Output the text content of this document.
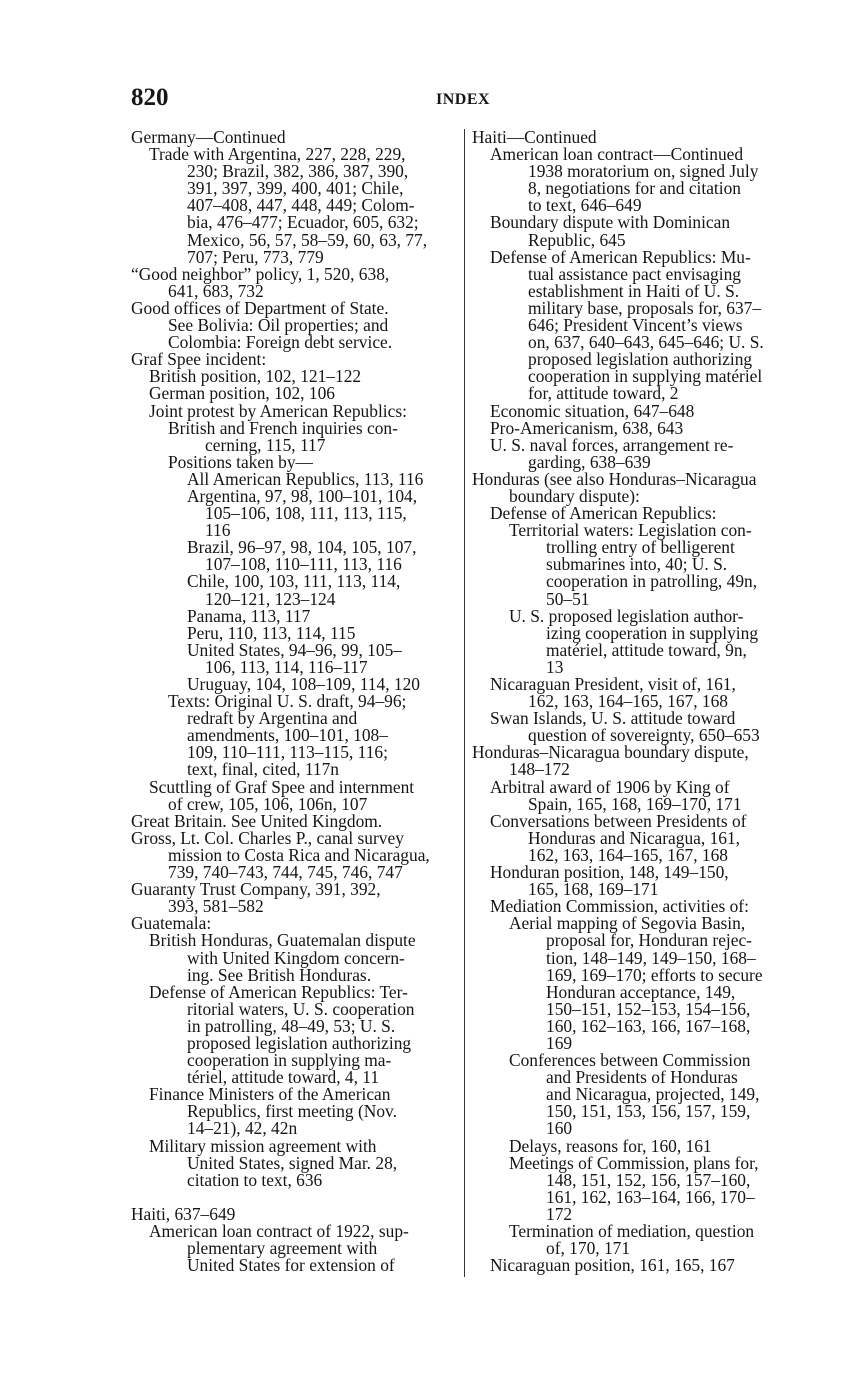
820	INDEX
Germany—Continued
Trade with Argentina, 227, 228, 229,
230; Brazil, 382, 386, 387, 390,
391, 397, 399, 400, 401; Chile,
407–408, 447, 448, 449; Colom-
bia, 476–477; Ecuador, 605, 632;
Mexico, 56, 57, 58–59, 60, 63, 77,
707; Peru, 773, 779
“Good neighbor” policy, 1, 520, 638,
641, 683, 732
Good offices of Department of State.
See Bolivia: Oil properties; and
Colombia: Foreign debt service.
Graf Spee incident:
British position, 102, 121–122
German position, 102, 106
Joint protest by American Republics:
British and French inquiries con-
cerning, 115, 117
Positions taken by—
All American Republics, 113, 116
Argentina, 97, 98, 100–101, 104,
105–106, 108, 111, 113, 115,
116
Brazil, 96–97, 98, 104, 105, 107,
107–108, 110–111, 113, 116
Chile, 100, 103, 111, 113, 114,
120–121, 123–124
Panama, 113, 117
Peru, 110, 113, 114, 115
United States, 94–96, 99, 105–
106, 113, 114, 116–117
Uruguay, 104, 108–109, 114, 120
Texts: Original U. S. draft, 94–96;
redraft by Argentina and
amendments, 100–101, 108–
109, 110–111, 113–115, 116;
text, final, cited, 117n
Scuttling of Graf Spee and internment
of crew, 105, 106, 106n, 107
Great Britain. See United Kingdom.
Gross, Lt. Col. Charles P., canal survey
mission to Costa Rica and Nicaragua,
739, 740–743, 744, 745, 746, 747
Guaranty Trust Company, 391, 392,
393, 581–582
Guatemala:
British Honduras, Guatemalan dispute
with United Kingdom concern-
ing. See British Honduras.
Defense of American Republics: Ter-
ritorial waters, U. S. cooperation
in patrolling, 48–49, 53; U. S.
proposed legislation authorizing
cooperation in supplying ma-
tériel, attitude toward, 4, 11
Finance Ministers of the American
Republics, first meeting (Nov.
14–21), 42, 42n
Military mission agreement with
United States, signed Mar. 28,
citation to text, 636
Haiti, 637–649
American loan contract of 1922, sup-
plementary agreement with
United States for extension of
Haiti—Continued
American loan contract—Continued
1938 moratorium on, signed July
8, negotiations for and citation
to text, 646–649
Boundary dispute with Dominican
Republic, 645
Defense of American Republics: Mu-
tual assistance pact envisaging
establishment in Haiti of U. S.
military base, proposals for, 637–
646; President Vincent’s views
on, 637, 640–643, 645–646; U. S.
proposed legislation authorizing
cooperation in supplying matériel
for, attitude toward, 2
Economic situation, 647–648
Pro-Americanism, 638, 643
U. S. naval forces, arrangement re-
garding, 638–639
Honduras (see also Honduras–Nicaragua
boundary dispute):
Defense of American Republics:
Territorial waters: Legislation con-
trolling entry of belligerent
submarines into, 40; U. S.
cooperation in patrolling, 49n,
50–51
U. S. proposed legislation author-
izing cooperation in supplying
matériel, attitude toward, 9n,
13
Nicaraguan President, visit of, 161,
162, 163, 164–165, 167, 168
Swan Islands, U. S. attitude toward
question of sovereignty, 650–653
Honduras–Nicaragua boundary dispute,
148–172
Arbitral award of 1906 by King of
Spain, 165, 168, 169–170, 171
Conversations between Presidents of
Honduras and Nicaragua, 161,
162, 163, 164–165, 167, 168
Honduran position, 148, 149–150,
165, 168, 169–171
Mediation Commission, activities of:
Aerial mapping of Segovia Basin,
proposal for, Honduran rejec-
tion, 148–149, 149–150, 168–
169, 169–170; efforts to secure
Honduran acceptance, 149,
150–151, 152–153, 154–156,
160, 162–163, 166, 167–168,
169
Conferences between Commission
and Presidents of Honduras
and Nicaragua, projected, 149,
150, 151, 153, 156, 157, 159,
160
Delays, reasons for, 160, 161
Meetings of Commission, plans for,
148, 151, 152, 156, 157–160,
161, 162, 163–164, 166, 170–
172
Termination of mediation, question
of, 170, 171
Nicaraguan position, 161, 165, 167
